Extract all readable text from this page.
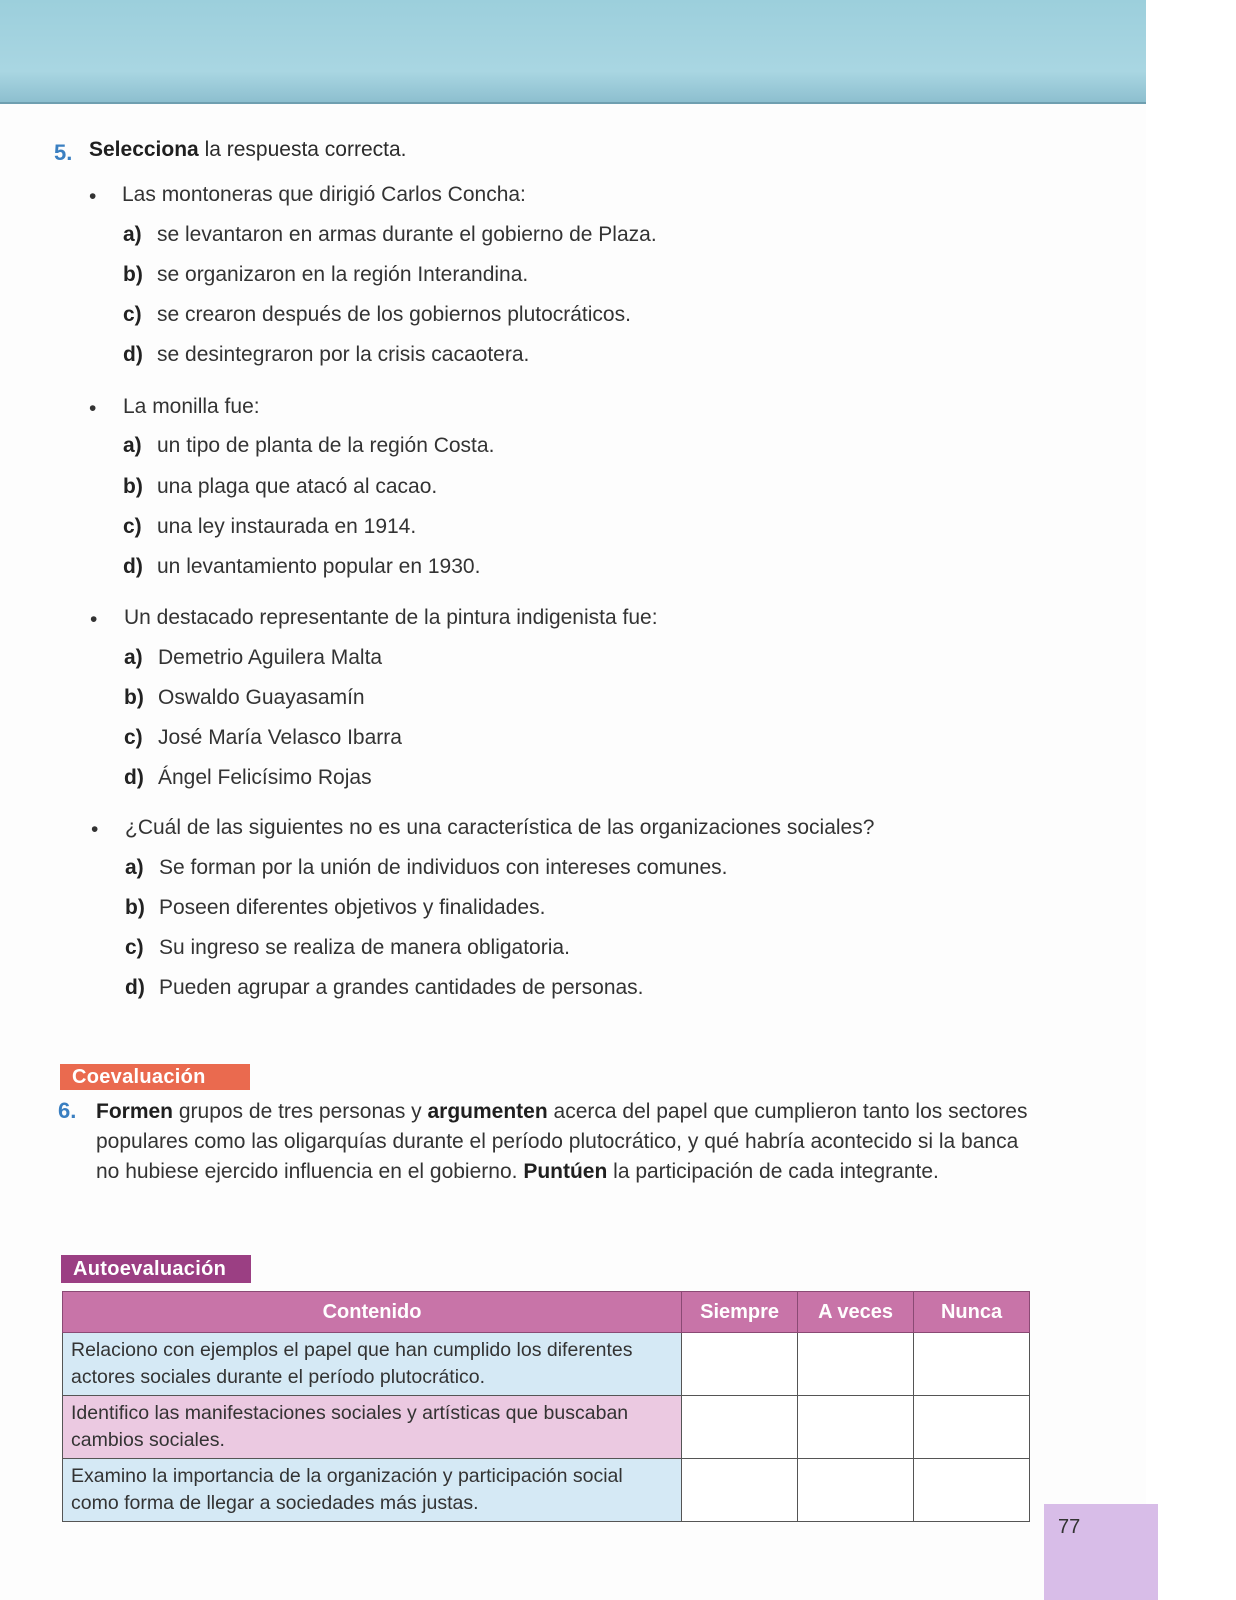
5. Selecciona la respuesta correcta.
• Las montoneras que dirigió Carlos Concha:
a) se levantaron en armas durante el gobierno de Plaza.
b) se organizaron en la región Interandina.
c) se crearon después de los gobiernos plutocráticos.
d) se desintegraron por la crisis cacaotera.
• La monilla fue:
a) un tipo de planta de la región Costa.
b) una plaga que atacó al cacao.
c) una ley instaurada en 1914.
d) un levantamiento popular en 1930.
• Un destacado representante de la pintura indigenista fue:
a) Demetrio Aguilera Malta
b) Oswaldo Guayasamín
c) José María Velasco Ibarra
d) Ángel Felicísimo Rojas
• ¿Cuál de las siguientes no es una característica de las organizaciones sociales?
a) Se forman por la unión de individuos con intereses comunes.
b) Poseen diferentes objetivos y finalidades.
c) Su ingreso se realiza de manera obligatoria.
d) Pueden agrupar a grandes cantidades de personas.
Coevaluación
6. Formen grupos de tres personas y argumenten acerca del papel que cumplieron tanto los sectores populares como las oligarquías durante el período plutocrático, y qué habría acontecido si la banca no hubiese ejercido influencia en el gobierno. Puntúen la participación de cada integrante.
Autoevaluación
Contenido	Siempre	A veces	Nunca
Relaciono con ejemplos el papel que han cumplido los diferentes actores sociales durante el período plutocrático.			
Identifico las manifestaciones sociales y artísticas que buscaban cambios sociales.			
Examino la importancia de la organización y participación social como forma de llegar a sociedades más justas.			
77
